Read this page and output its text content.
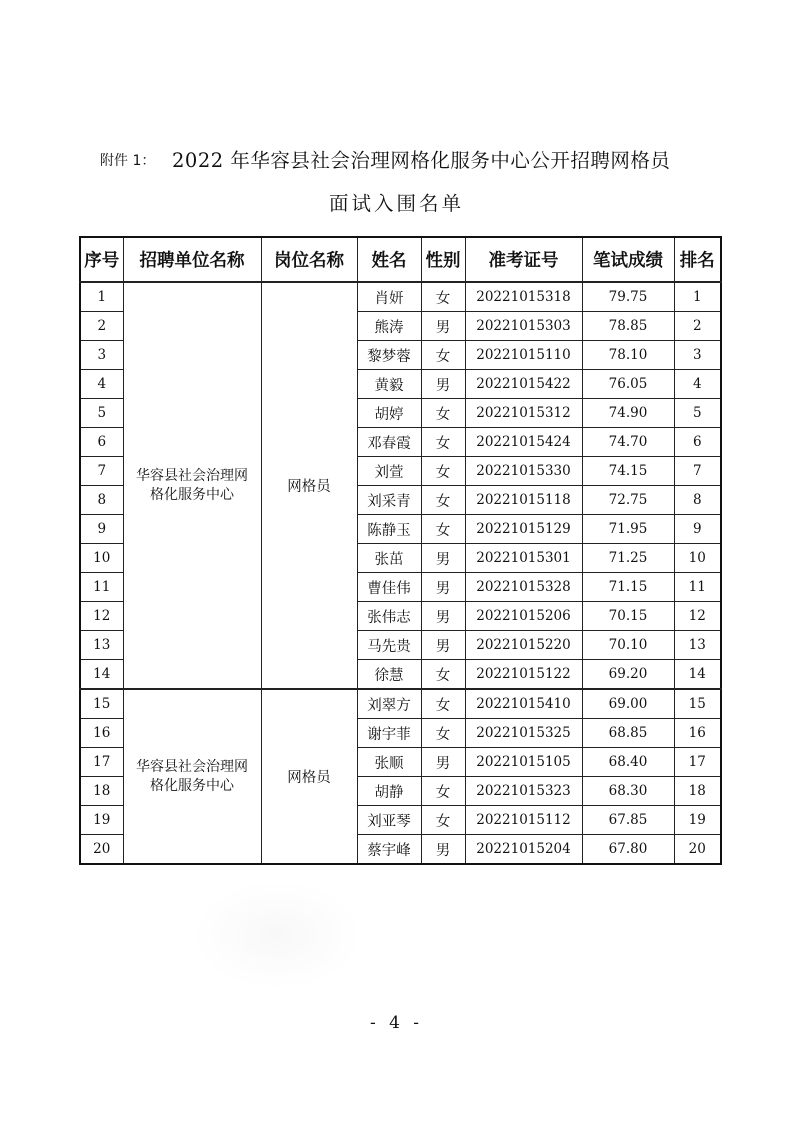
附件 1： 2022 年华容县社会治理网格化服务中心公开招聘网格员
面试入围名单
序号	招聘单位名称	岗位名称	姓名	性别	准考证号	笔试成绩	排名
1	华容县社会治理网格化服务中心	网格员	肖妍	女	20221015318	79.75	1
2			熊涛	男	20221015303	78.85	2
3			黎梦蓉	女	20221015110	78.10	3
4			黄毅	男	20221015422	76.05	4
5			胡婷	女	20221015312	74.90	5
6			邓春霞	女	20221015424	74.70	6
7			刘萱	女	20221015330	74.15	7
8			刘采青	女	20221015118	72.75	8
9			陈静玉	女	20221015129	71.95	9
10			张茁	男	20221015301	71.25	10
11			曹佳伟	男	20221015328	71.15	11
12			张伟志	男	20221015206	70.15	12
13			马先贵	男	20221015220	70.10	13
14			徐慧	女	20221015122	69.20	14
15	华容县社会治理网格化服务中心	网格员	刘翠方	女	20221015410	69.00	15
16			谢宇菲	女	20221015325	68.85	16
17			张顺	男	20221015105	68.40	17
18			胡静	女	20221015323	68.30	18
19			刘亚琴	女	20221015112	67.85	19
20			蔡宇峰	男	20221015204	67.80	20
- 4 -
